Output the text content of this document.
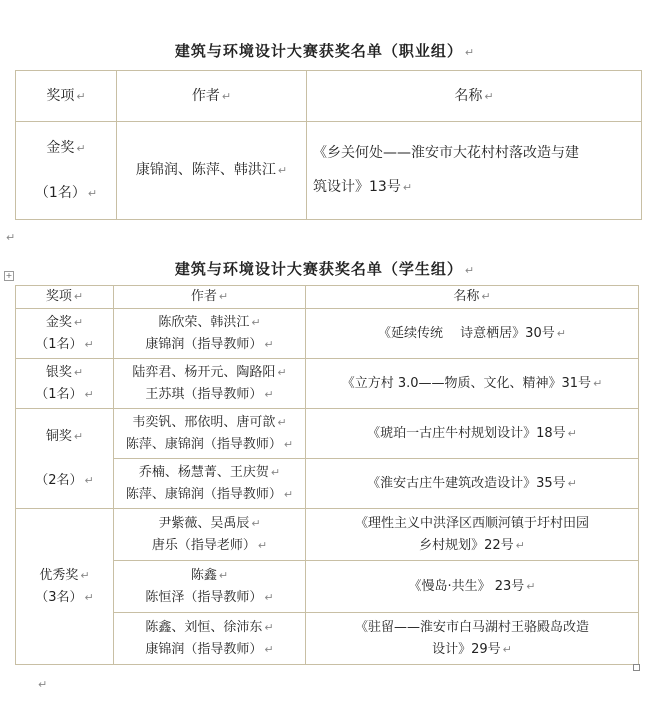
建筑与环境设计大赛获奖名单（职业组） ↵
奖项 ↵	作者 ↵	名称 ↵

金奖 ↵
（1名） ↵	康锦润、陈萍、韩洪江 ↵	《乡关何处——淮安市大花村村落改造与建
筑设计》13号 ↵
↵
建筑与环境设计大赛获奖名单（学生组） ↵
+
奖项 ↵	作者 ↵	名称 ↵

金奖 ↵
（1名） ↵	陈欣荣、韩洪江 ↵
康锦润（指导教师） ↵	《延续传统　 诗意栖居》30号 ↵

银奖 ↵
（1名） ↵	陆弈君、杨开元、陶路阳 ↵
王苏琪（指导教师） ↵	《立方村 3.0——物质、文化、精神》31号 ↵

铜奖 ↵
（2名） ↵	韦奕钒、邢依明、唐可歆 ↵
陈萍、康锦润（指导教师） ↵	《琥珀一古庄牛村规划设计》18号 ↵

	乔楠、杨慧菁、王庆贺 ↵
陈萍、康锦润（指导教师） ↵	《淮安古庄牛建筑改造设计》35号 ↵

优秀奖 ↵
（3名） ↵	尹紫薇、吴禹辰 ↵
唐乐（指导老师） ↵	《理性主义中洪泽区西顺河镇于圩村田园
乡村规划》22号 ↵

	陈鑫 ↵
陈恒泽（指导教师） ↵	《慢岛·共生》 23号 ↵

	陈鑫、刘恒、徐沛东 ↵
康锦润（指导教师） ↵	《驻留——淮安市白马湖村王骆殿岛改造
设计》29号 ↵
↵
